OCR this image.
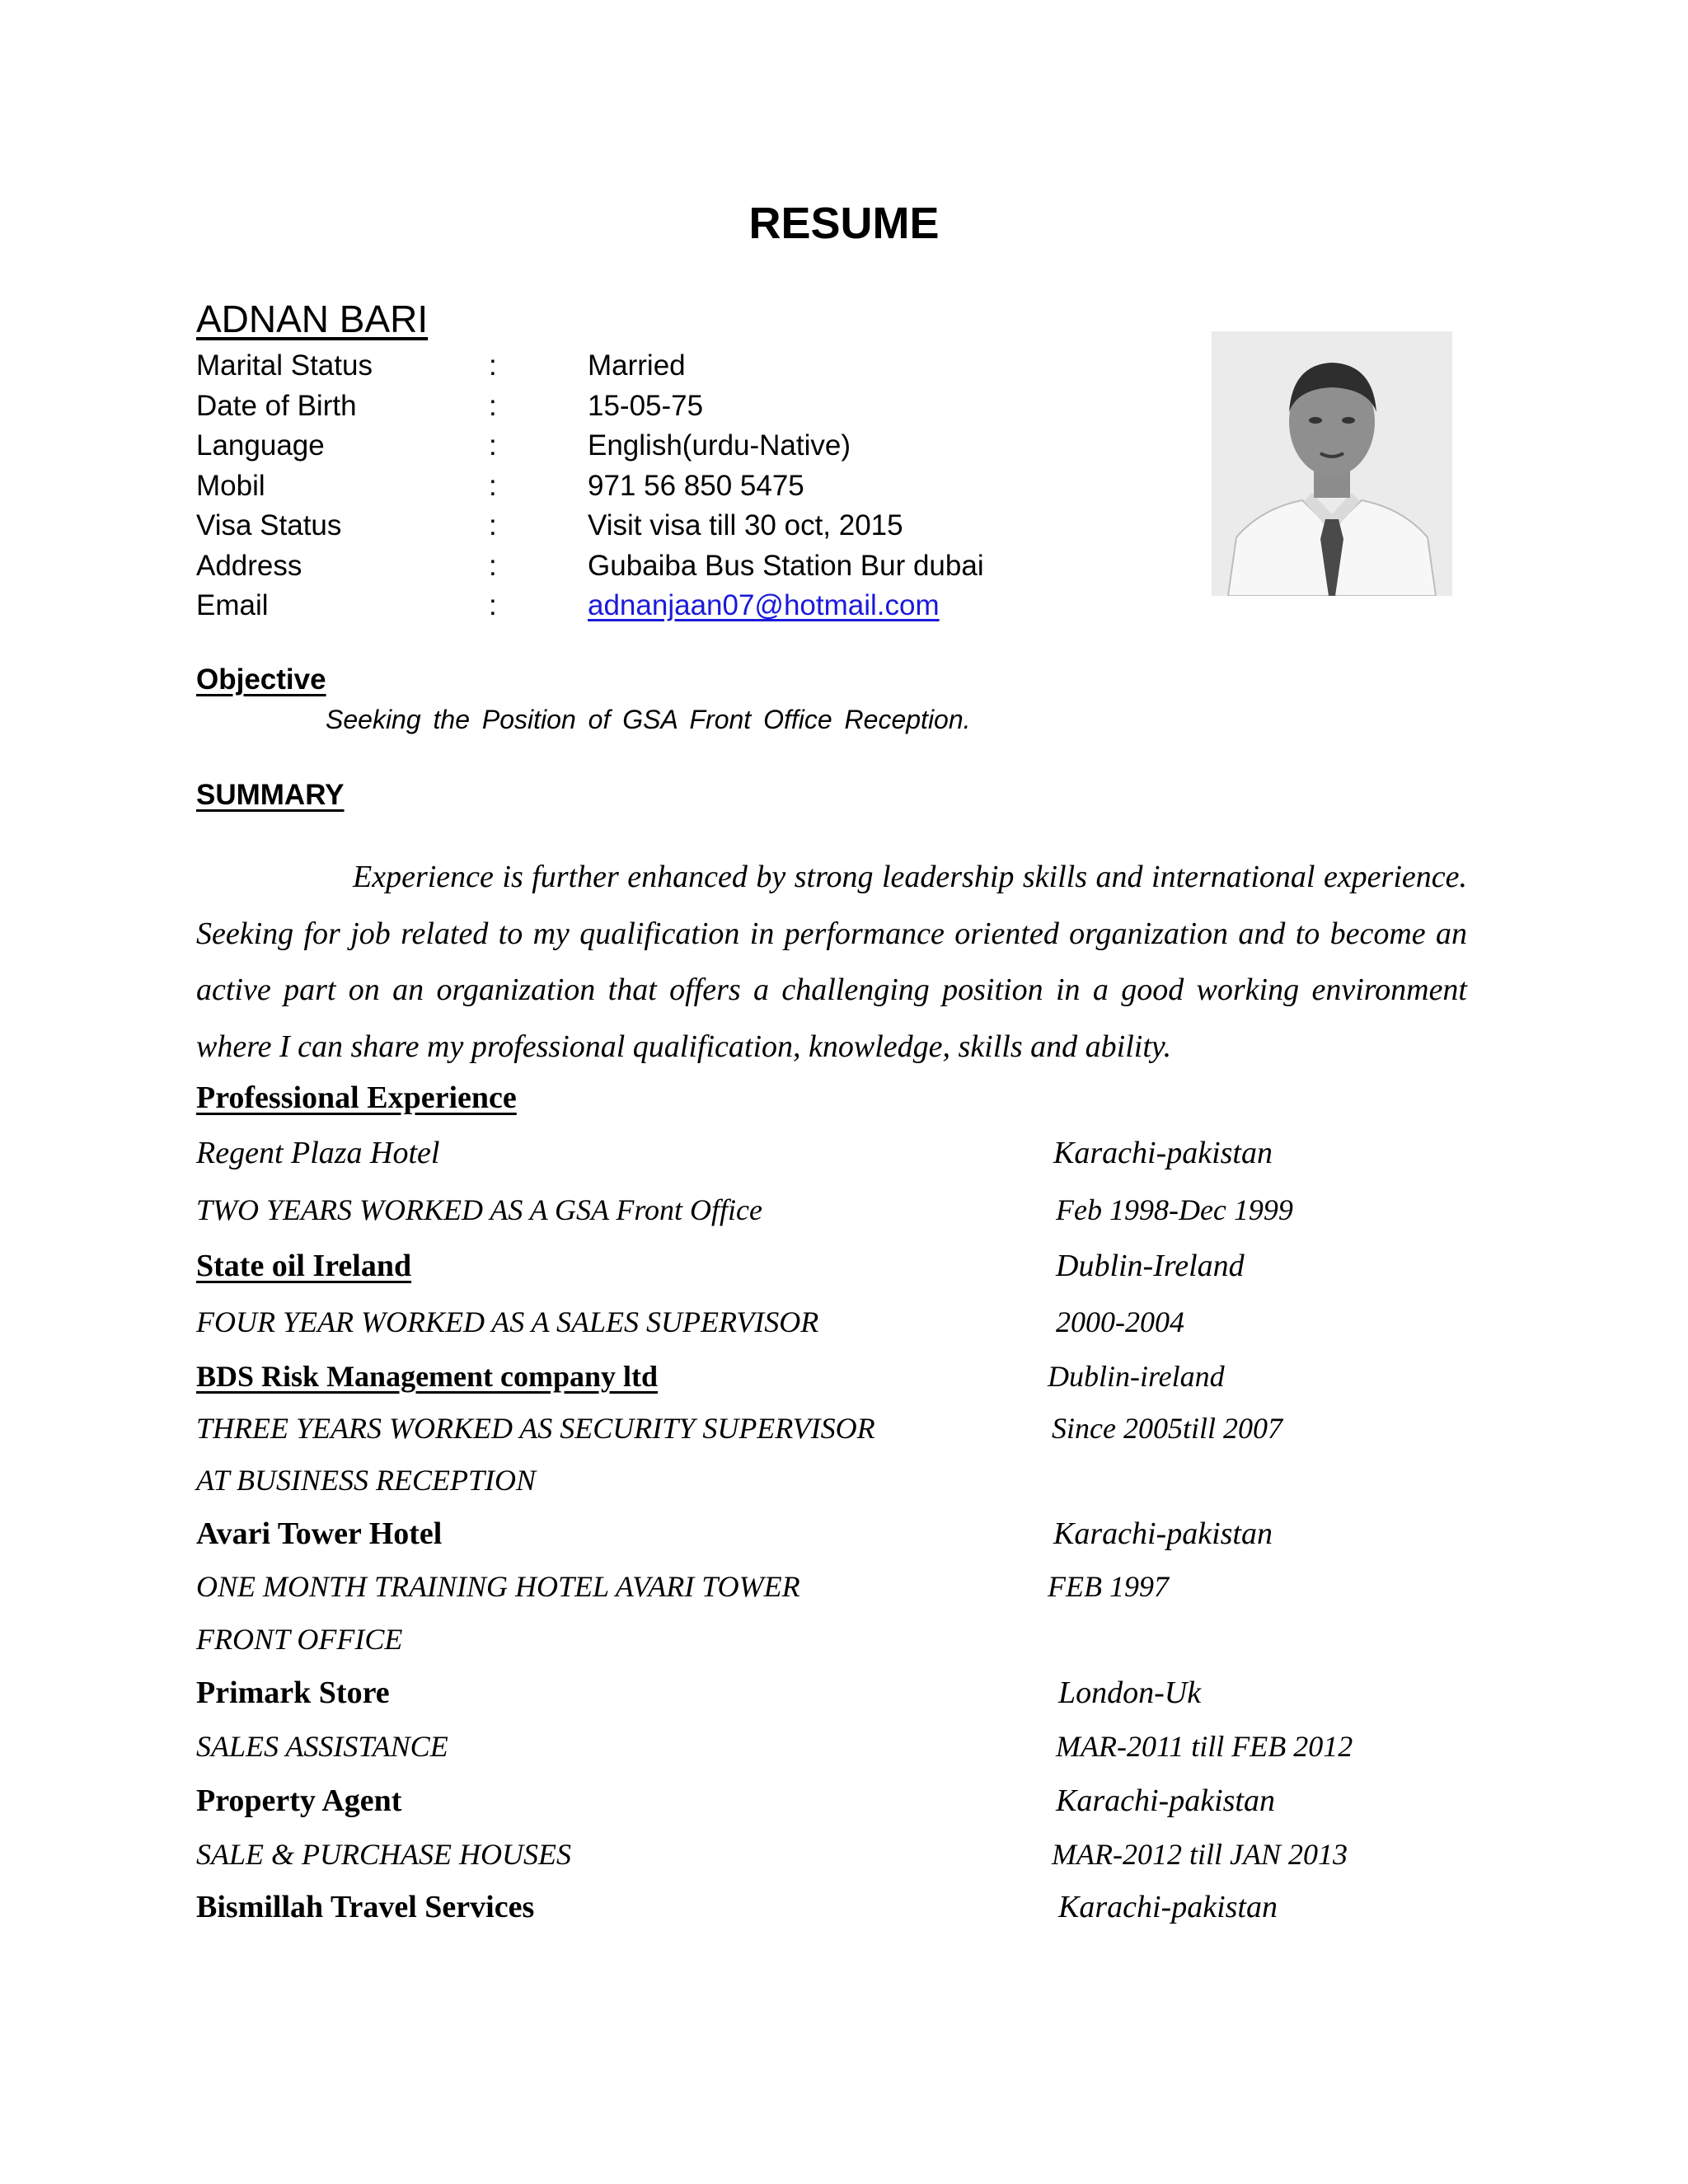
RESUME
ADNAN BARI
Marital Status	:	Married
Date of Birth	:	15-05-75
Language	:	English(urdu-Native)
Mobil	:	971 56 850 5475
Visa Status	:	Visit visa till 30 oct, 2015
Address	:	Gubaiba Bus Station Bur dubai
Email	:	adnanjaan07@hotmail.com
Objective
Seeking the Position of GSA Front Office Reception.
SUMMARY
Experience is further enhanced by strong leadership skills and international experience. Seeking for job related to my qualification in performance oriented organization and to become an active part on an organization that offers a challenging position in a good working environment where I can share my professional qualification, knowledge, skills and ability.
Professional Experience
Regent Plaza Hotel	Karachi-pakistan
TWO YEARS WORKED AS A GSA Front Office	Feb 1998-Dec 1999
State oil Ireland	Dublin-Ireland
FOUR YEAR WORKED AS A SALES SUPERVISOR	2000-2004
BDS Risk Management company ltd	Dublin-ireland
THREE YEARS WORKED AS SECURITY SUPERVISOR	Since 2005till 2007
AT BUSINESS RECEPTION
Avari Tower Hotel	Karachi-pakistan
ONE MONTH TRAINING HOTEL AVARI TOWER	FEB 1997
FRONT OFFICE
Primark Store	London-Uk
SALES ASSISTANCE	MAR-2011 till FEB 2012
Property Agent	Karachi-pakistan
SALE & PURCHASE HOUSES	MAR-2012 till JAN 2013
Bismillah Travel Services	Karachi-pakistan
